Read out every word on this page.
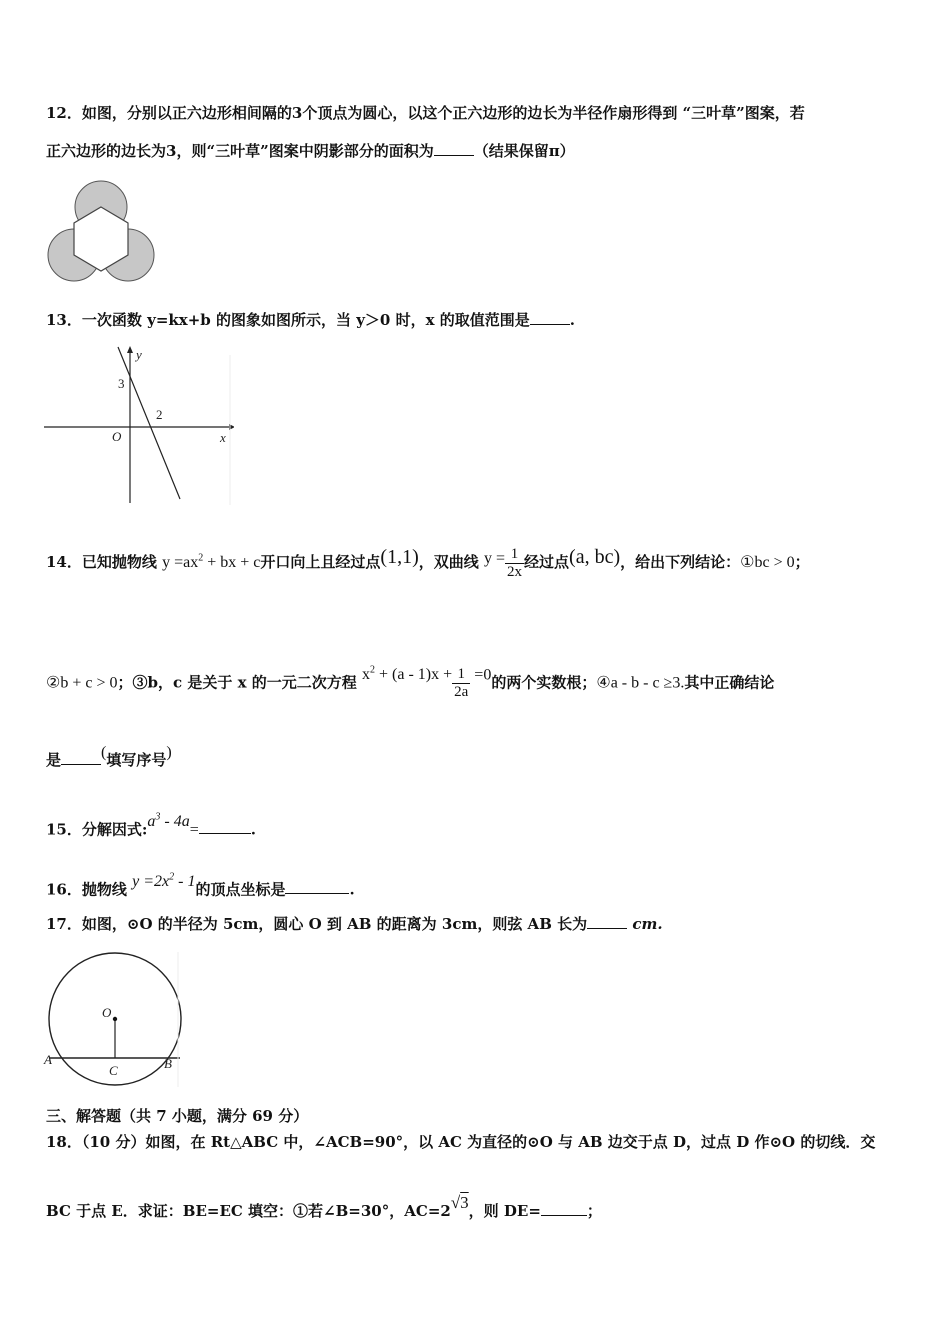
12．如图，分别以正六边形相间隔的3个顶点为圆心，以这个正六边形的边长为半径作扇形得到 “三叶草”图案，若
正六边形的边长为3，则“三叶草”图案中阴影部分的面积为	（结果保留π）
13．一次函数 y=kx+b 的图象如图所示，当 y＞0 时，x 的取值范围是	.
y
x
O
3
2
14．已知抛物线 $y =ax^2$ + bx + c开口向上且经过点(1,1)，双曲线 $y = \frac{1}{2x}$ 经过点(a, bc)，给出下列结论：①bc > 0；
②b + c > 0；③b，c 是关于 x 的一元二次方程 $x^2 + (a - 1)x + \frac{1}{2a} =0$的两个实数根；④a - b - c ≥3.其中正确结论
是	(填写序号)
15．分解因式$:a^3 - 4a=$	.
16．抛物线 $y =2x^2 - 1$的顶点坐标是	.
17．如图，⊙O 的半径为 5cm，圆心 O 到 AB 的距离为 3cm，则弦 AB 长为	cm.
O
A	B
C
三、解答题（共 7 小题，满分 69 分）
18．（10 分）如图，在 Rt△ABC 中，∠ACB=90°，以 AC 为直径的⊙O 与 AB 边交于点 D，过点 D 作⊙O 的切线．交
BC 于点 E．求证：BE=EC 填空：①若∠B=30°，AC=2√3，则 DE=	；
